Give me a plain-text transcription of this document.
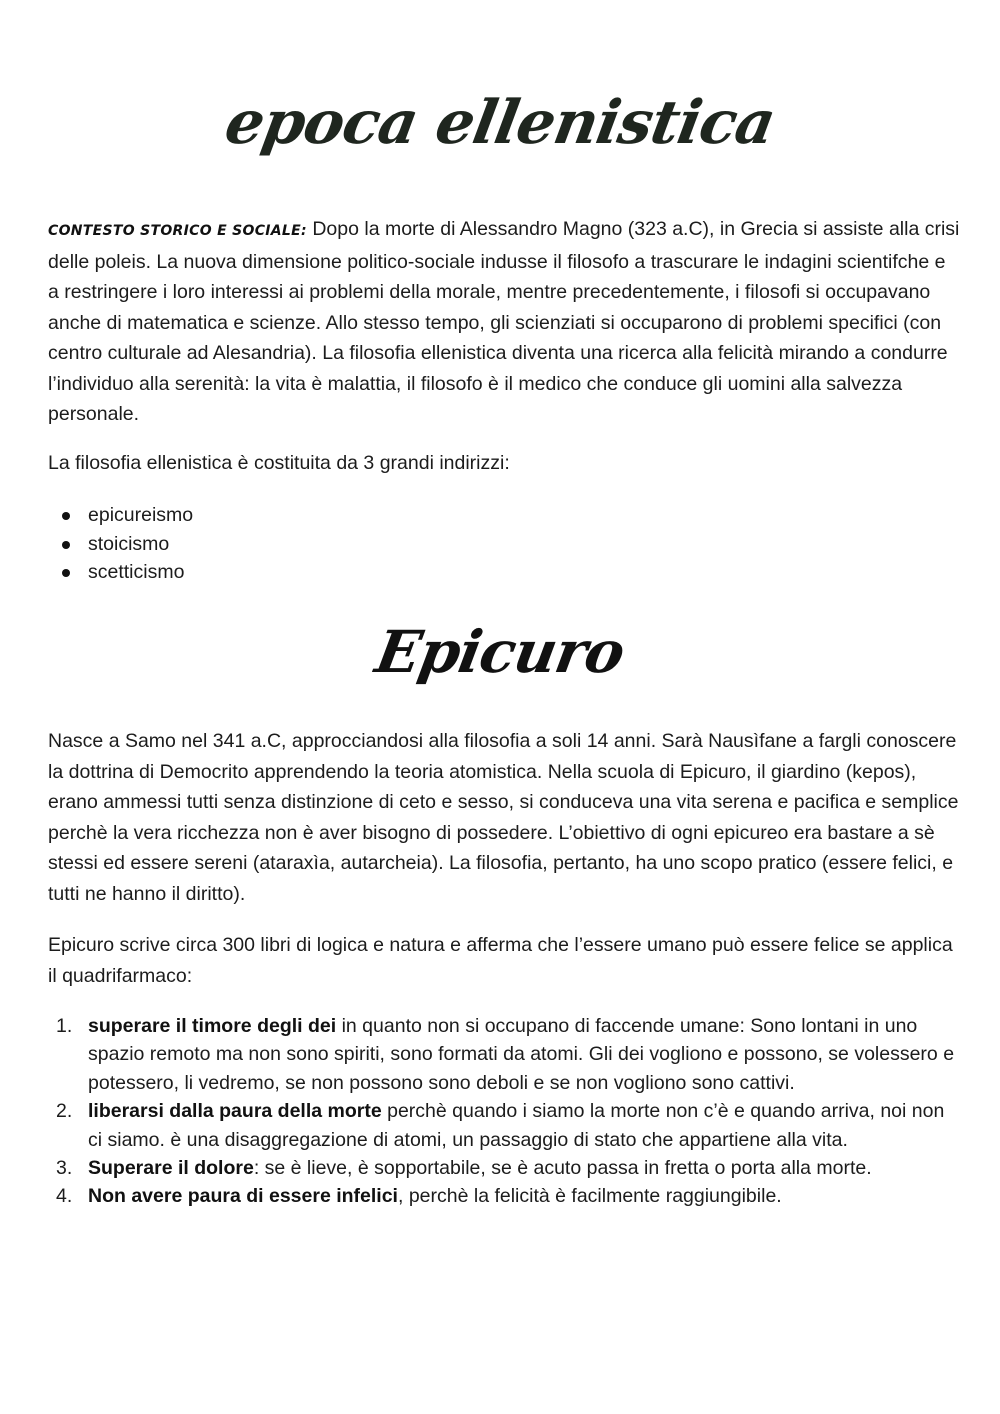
epoca ellenistica

CONTESTO STORICO E SOCIALE: Dopo la morte di Alessandro Magno (323 a.C), in Grecia si assiste alla crisi delle poleis. La nuova dimensione politico-sociale indusse il filosofo a trascurare le indagini scientifche e a restringere i loro interessi ai problemi della morale, mentre precedentemente, i filosofi si occupavano anche di matematica e scienze. Allo stesso tempo, gli scienziati si occuparono di problemi specifici (con centro culturale ad Alesandria). La filosofia ellenistica diventa una ricerca alla felicità mirando a condurre l’individuo alla serenità: la vita è malattia, il filosofo è il medico che conduce gli uomini alla salvezza personale.

La filosofia ellenistica è costituita da 3 grandi indirizzi:

epicureismo
stoicismo
scetticismo
Epicuro

Nasce a Samo nel 341 a.C, approcciandosi alla filosofia a soli 14 anni. Sarà Nausìfane a fargli conoscere la dottrina di Democrito apprendendo la teoria atomistica. Nella scuola di Epicuro, il giardino (kepos), erano ammessi tutti senza distinzione di ceto e sesso, si conduceva una vita serena e pacifica e semplice perchè la vera ricchezza non è aver bisogno di possedere. L’obiettivo di ogni epicureo era bastare a sè stessi ed essere sereni (ataraxìa, autarcheia). La filosofia, pertanto, ha uno scopo pratico (essere felici, e tutti ne hanno il diritto).

Epicuro scrive circa 300 libri di logica e natura e afferma che l’essere umano può essere felice se applica il quadrifarmaco:

1. superare il timore degli dei in quanto non si occupano di faccende umane: Sono lontani in uno spazio remoto ma non sono spiriti, sono formati da atomi. Gli dei vogliono e possono, se volessero e potessero, li vedremo, se non possono sono deboli e se non vogliono sono cattivi.
2. liberarsi dalla paura della morte perchè quando i siamo la morte non c’è e quando arriva, noi non ci siamo. è una disaggregazione di atomi, un passaggio di stato che appartiene alla vita.
3. Superare il dolore: se è lieve, è sopportabile, se è acuto passa in fretta o porta alla morte.
4. Non avere paura di essere infelici, perchè la felicità è facilmente raggiungibile.
